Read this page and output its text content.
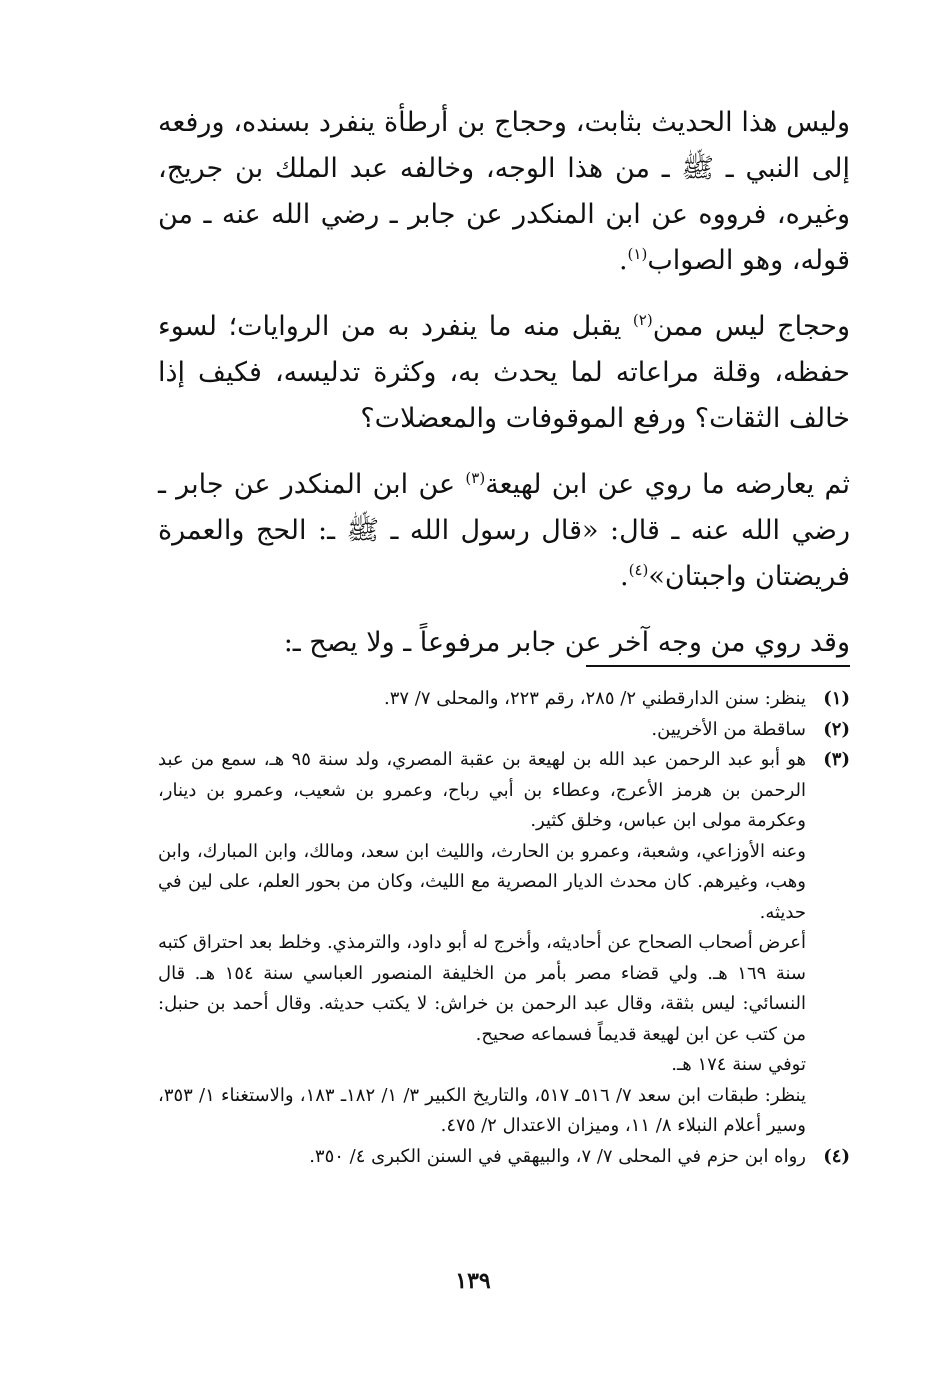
وليس هذا الحديث بثابت، وحجاج بن أرطأة ينفرد بسنده، ورفعه إلى النبي ـ ﷺ ـ من هذا الوجه، وخالفه عبد الملك بن جريج، وغيره، فرووه عن ابن المنكدر عن جابر ـ رضي الله عنه ـ من قوله، وهو الصواب$^{(١)}$.

وحجاج ليس ممن$^{(٢)}$ يقبل منه ما ينفرد به من الروايات؛ لسوء حفظه، وقلة مراعاته لما يحدث به، وكثرة تدليسه، فكيف إذا خالف الثقات؟ ورفع الموقوفات والمعضلات؟

ثم يعارضه ما روي عن ابن لهيعة$^{(٣)}$ عن ابن المنكدر عن جابر ـ رضي الله عنه ـ قال: «قال رسول الله ـ ﷺ ـ: الحج والعمرة فريضتان واجبتان»$^{(٤)}$.

وقد روي من وجه آخر عن جابر مرفوعاً ـ ولا يصح ـ:

(١)

ينظر: سنن الدارقطني ٢/ ٢٨٥، رقم ٢٢٣، والمحلى ٧/ ٣٧.

(٢)

ساقطة من الأخريين.

(٣)

هو أبو عبد الرحمن عبد الله بن لهيعة بن عقبة المصري، ولد سنة ٩٥ هـ، سمع من عبد الرحمن بن هرمز الأعرج، وعطاء بن أبي رباح، وعمرو بن شعيب، وعمرو بن دينار، وعكرمة مولى ابن عباس، وخلق كثير.

وعنه الأوزاعي، وشعبة، وعمرو بن الحارث، والليث ابن سعد، ومالك، وابن المبارك، وابن وهب، وغيرهم. كان محدث الديار المصرية مع الليث، وكان من بحور العلم، على لين في حديثه.

أعرض أصحاب الصحاح عن أحاديثه، وأخرج له أبو داود، والترمذي. وخلط بعد احتراق كتبه سنة ١٦٩ هـ. ولي قضاء مصر بأمر من الخليفة المنصور العباسي سنة ١٥٤ هـ. قال النسائي: ليس بثقة، وقال عبد الرحمن بن خراش: لا يكتب حديثه. وقال أحمد بن حنبل: من كتب عن ابن لهيعة قديماً فسماعه صحيح.

توفي سنة ١٧٤ هـ.

ينظر: طبقات ابن سعد ٧/ ٥١٦ـ ٥١٧، والتاريخ الكبير ٣/ ١/ ١٨٢ـ ١٨٣، والاستغناء ١/ ٣٥٣، وسير أعلام النبلاء ٨/ ١١، وميزان الاعتدال ٢/ ٤٧٥.

(٤)

رواه ابن حزم في المحلى ٧/ ٧، والبيهقي في السنن الكبرى ٤/ ٣٥٠.

١٣٩
